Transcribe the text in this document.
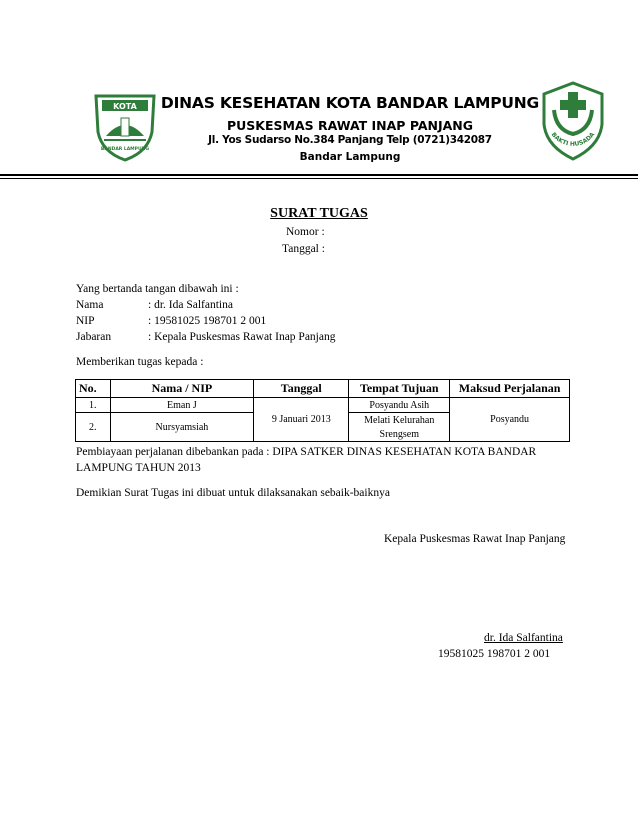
KOTA
BANDAR LAMPUNG
BAKTI HUSADA
DINAS KESEHATAN KOTA BANDAR LAMPUNG
PUSKESMAS RAWAT INAP PANJANG
Jl. Yos Sudarso No.384 Panjang Telp (0721)342087
Bandar Lampung
SURAT TUGAS
Nomor :
Tanggal :
Yang bertanda tangan dibawah ini :
Nama	: dr. Ida Salfantina
NIP	: 19581025 198701 2 001
Jabaran	: Kepala Puskesmas Rawat Inap Panjang
Memberikan tugas kepada :
No.	Nama / NIP	Tanggal	Tempat Tujuan	Maksud Perjalanan
1.	Eman J	9 Januari 2013	Posyandu Asih	Posyandu
2.	Nursyamsiah		Melati Kelurahan	
			Srengsem	
Pembiayaan perjalanan dibebankan pada : DIPA SATKER DINAS KESEHATAN KOTA BANDAR
LAMPUNG TAHUN 2013
Demikian Surat Tugas ini dibuat untuk dilaksanakan sebaik-baiknya
Kepala Puskesmas Rawat Inap Panjang
dr. Ida Salfantina
19581025 198701 2 001
